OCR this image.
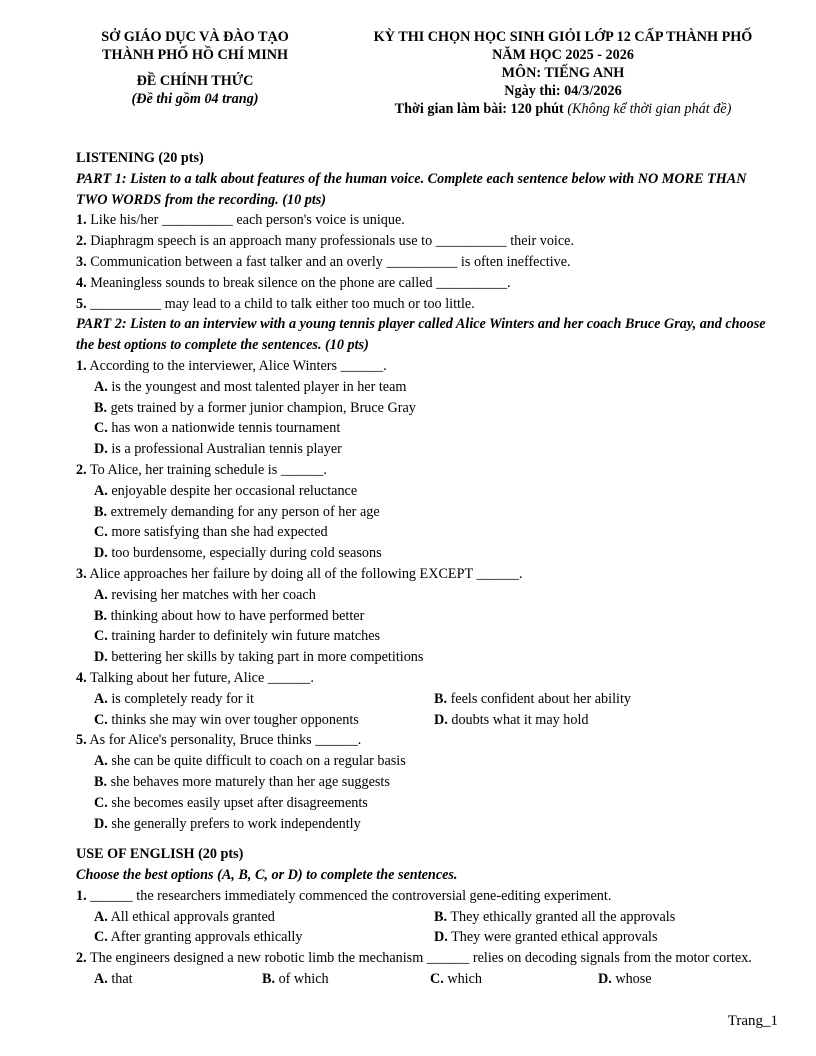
SỞ GIÁO DỤC VÀ ĐÀO TẠO
THÀNH PHỐ HỒ CHÍ MINH
ĐỀ CHÍNH THỨC
(Đề thi gồm 04 trang)
KỲ THI CHỌN HỌC SINH GIỎI LỚP 12 CẤP THÀNH PHỐ
NĂM HỌC 2025 - 2026
MÔN: TIẾNG ANH
Ngày thi: 04/3/2026
Thời gian làm bài: 120 phút (Không kể thời gian phát đề)
LISTENING (20 pts)
PART 1: Listen to a talk about features of the human voice. Complete each sentence below with NO MORE THAN TWO WORDS from the recording. (10 pts)
1. Like his/her __________ each person's voice is unique.
2. Diaphragm speech is an approach many professionals use to __________ their voice.
3. Communication between a fast talker and an overly __________ is often ineffective.
4. Meaningless sounds to break silence on the phone are called __________.
5. __________ may lead to a child to talk either too much or too little.
PART 2: Listen to an interview with a young tennis player called Alice Winters and her coach Bruce Gray, and choose the best options to complete the sentences. (10 pts)
1. According to the interviewer, Alice Winters ______.
A. is the youngest and most talented player in her team
B. gets trained by a former junior champion, Bruce Gray
C. has won a nationwide tennis tournament
D. is a professional Australian tennis player
2. To Alice, her training schedule is ______.
A. enjoyable despite her occasional reluctance
B. extremely demanding for any person of her age
C. more satisfying than she had expected
D. too burdensome, especially during cold seasons
3. Alice approaches her failure by doing all of the following EXCEPT ______.
A. revising her matches with her coach
B. thinking about how to have performed better
C. training harder to definitely win future matches
D. bettering her skills by taking part in more competitions
4. Talking about her future, Alice ______.
A. is completely ready for it	B. feels confident about her ability
C. thinks she may win over tougher opponents	D. doubts what it may hold
5. As for Alice's personality, Bruce thinks ______.
A. she can be quite difficult to coach on a regular basis
B. she behaves more maturely than her age suggests
C. she becomes easily upset after disagreements
D. she generally prefers to work independently
USE OF ENGLISH (20 pts)
Choose the best options (A, B, C, or D) to complete the sentences.
1. ______ the researchers immediately commenced the controversial gene-editing experiment.
A. All ethical approvals granted	B. They ethically granted all the approvals
C. After granting approvals ethically	D. They were granted ethical approvals
2. The engineers designed a new robotic limb the mechanism ______ relies on decoding signals from the motor cortex.
A. that	B. of which	C. which	D. whose
Trang_1
